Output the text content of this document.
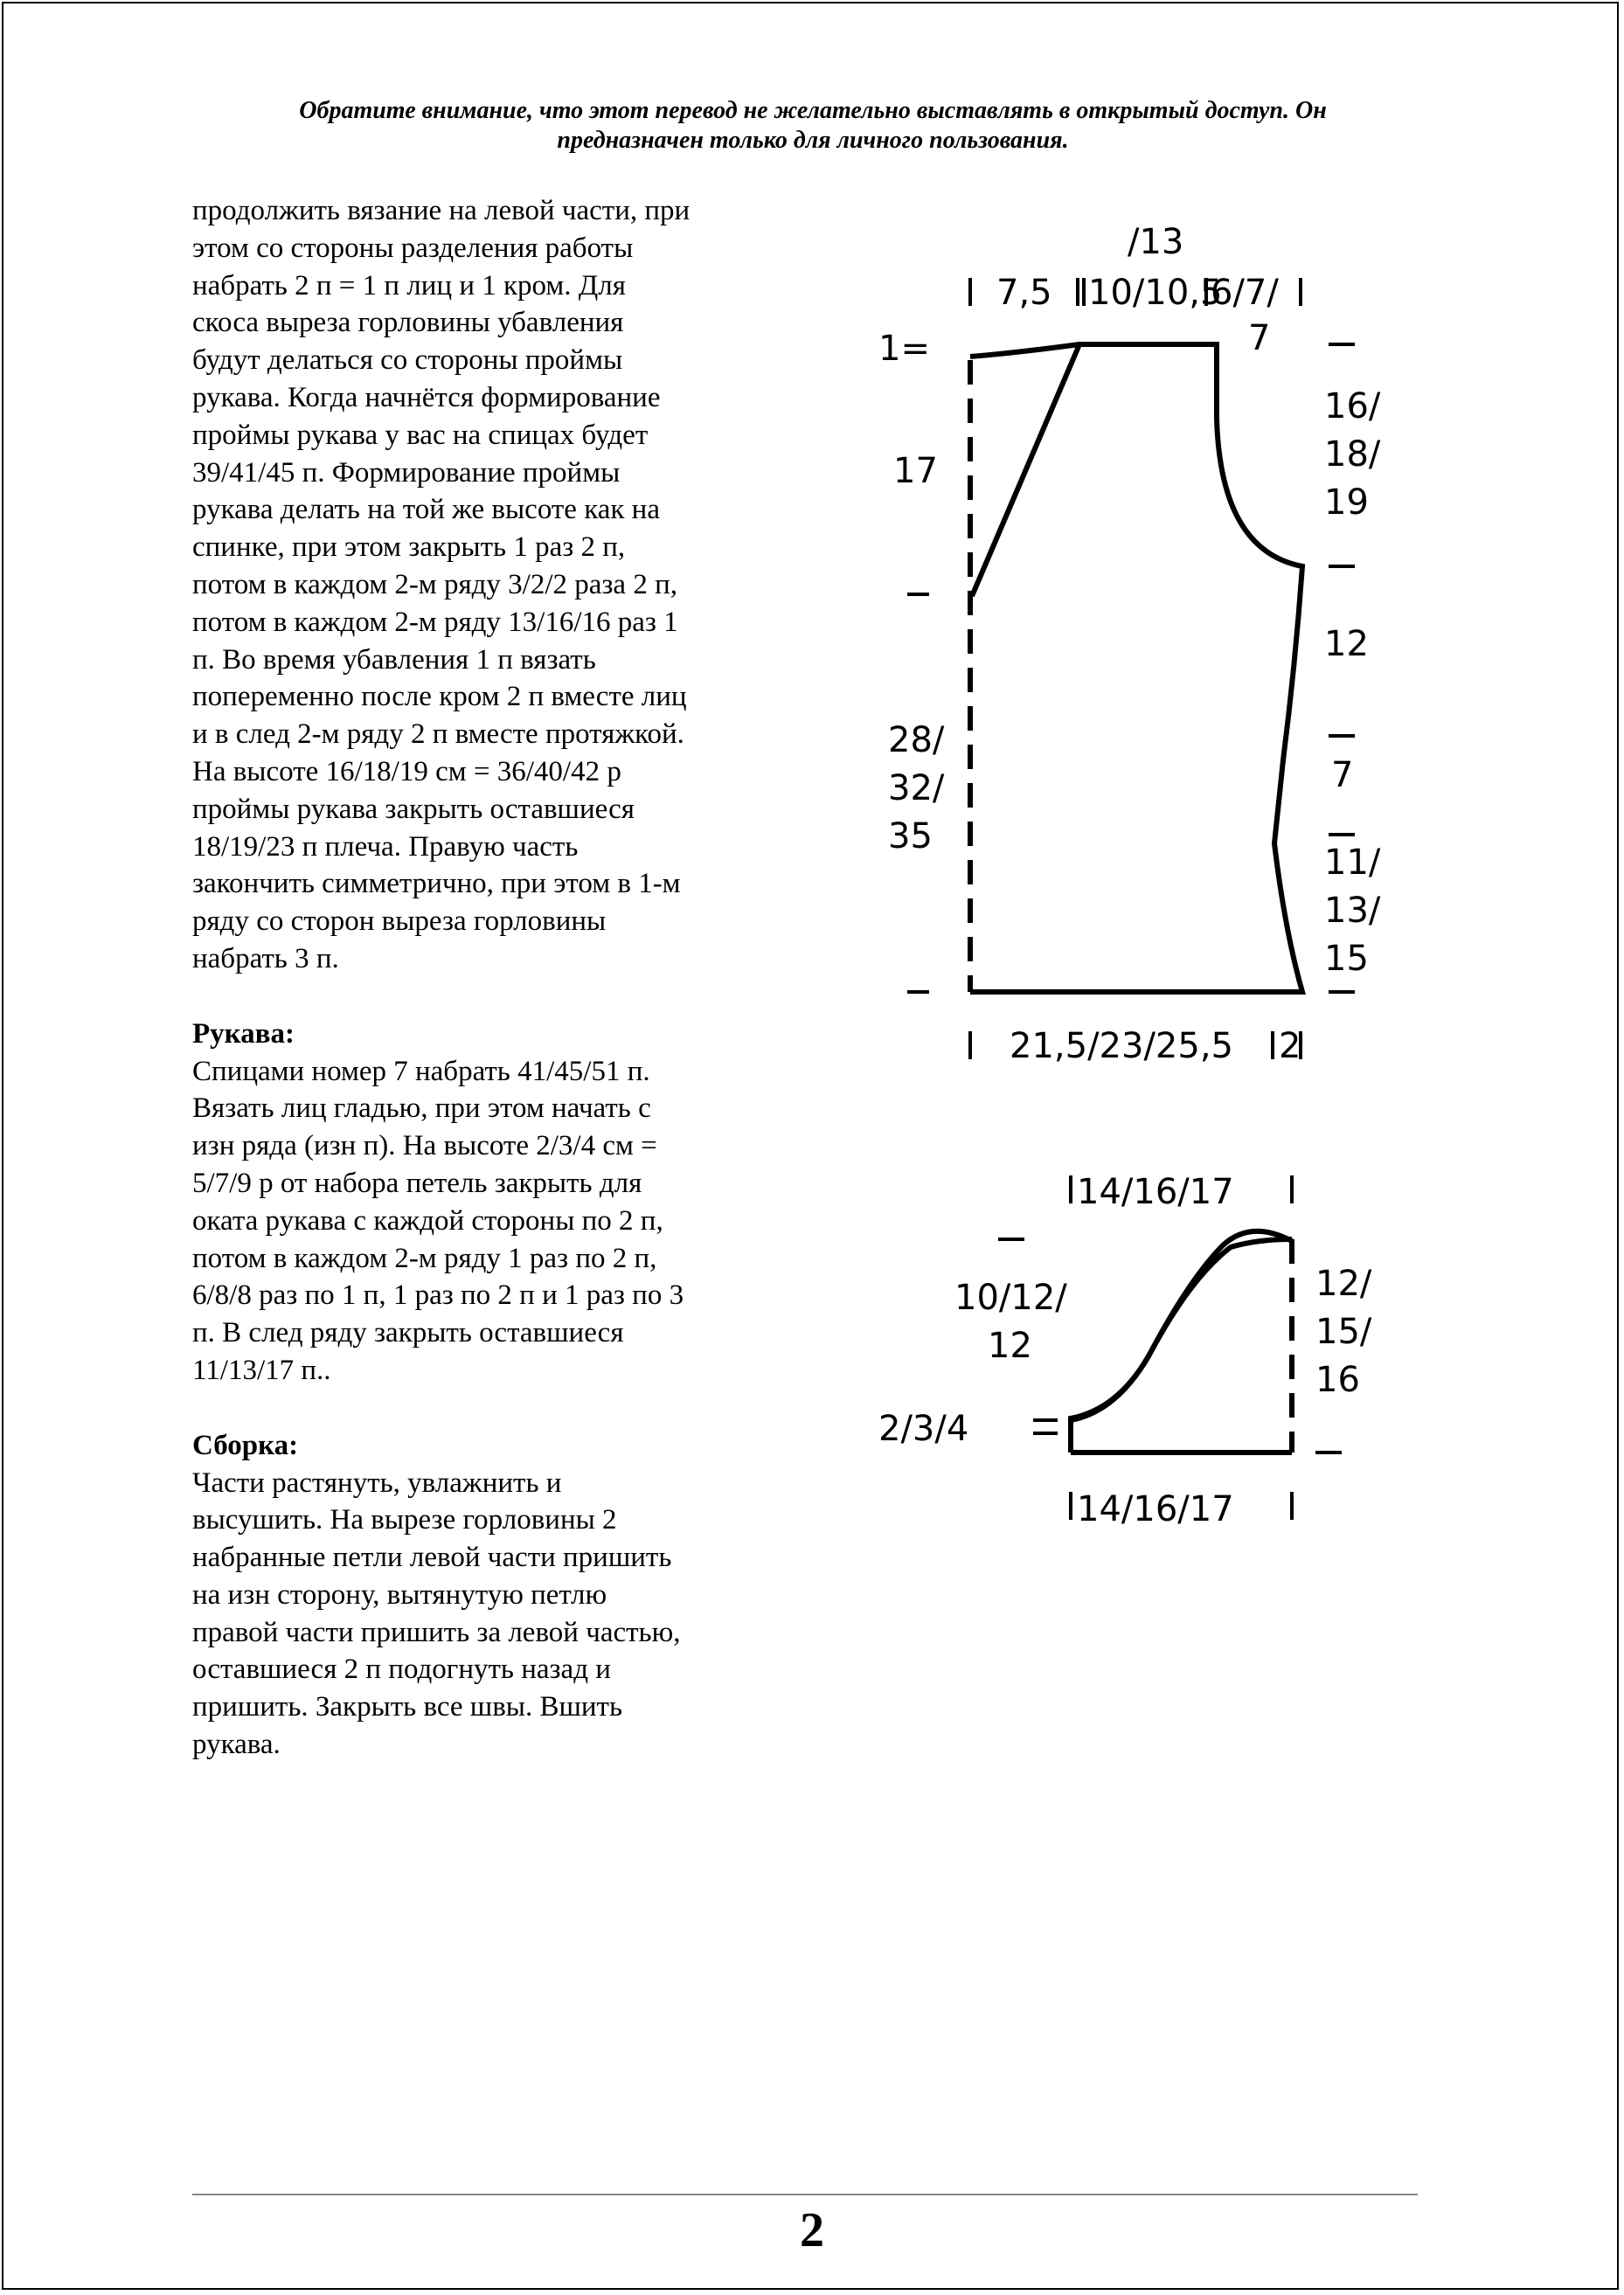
Обратите внимание, что этот перевод не желательно выставлять в открытый доступ. Он
предназначен только для личного пользования.
продолжить вязание на левой части, при
этом со стороны разделения работы
набрать 2 п = 1 п лиц и 1 кром. Для
скоса выреза горловины убавления
будут делаться со стороны проймы
рукава. Когда начнётся формирование
проймы рукава у вас на спицах будет
39/41/45 п. Формирование проймы
рукава делать на той же высоте как на
спинке, при этом закрыть 1 раз 2 п,
потом в каждом 2-м ряду 3/2/2 раза 2 п,
потом в каждом 2-м ряду 13/16/16 раз 1
п. Во время убавления 1 п вязать
попеременно после кром 2 п вместе лиц
и в след 2-м ряду 2 п вместе протяжкой.
На высоте 16/18/19 см = 36/40/42 р
проймы рукава закрыть оставшиеся
18/19/23 п плеча. Правую часть
закончить симметрично, при этом в 1-м
ряду со сторон выреза горловины
набрать 3 п.

Рукава:

Спицами номер 7 набрать 41/45/51 п.
Вязать лиц гладью, при этом начать с
изн ряда (изн п). На высоте 2/3/4 см =
5/7/9 р от набора петель закрыть для
оката рукава с каждой стороны по 2 п,
потом в каждом 2-м ряду 1 раз по 2 п,
6/8/8 раз по 1 п, 1 раз по 2 п и 1 раз по 3
п. В след ряду закрыть оставшиеся
11/13/17 п..

Сборка:

Части растянуть, увлажнить и
высушить. На вырезе горловины 2
набранные петли левой части пришить
на изн сторону, вытянутую петлю
правой части пришить за левой частью,
оставшиеся 2 п подогнуть назад и
пришить. Закрыть все швы. Вшить
рукава.
/13
7,5 10/10,5
6/7/
7
1=
17
28/
32/
35
16/
18/
19
12
7
11/
13/
15
21,5/23/25,5 2
14/16/17
10/12/
12
2/3/4
12/
15/
16
14/16/17
2
